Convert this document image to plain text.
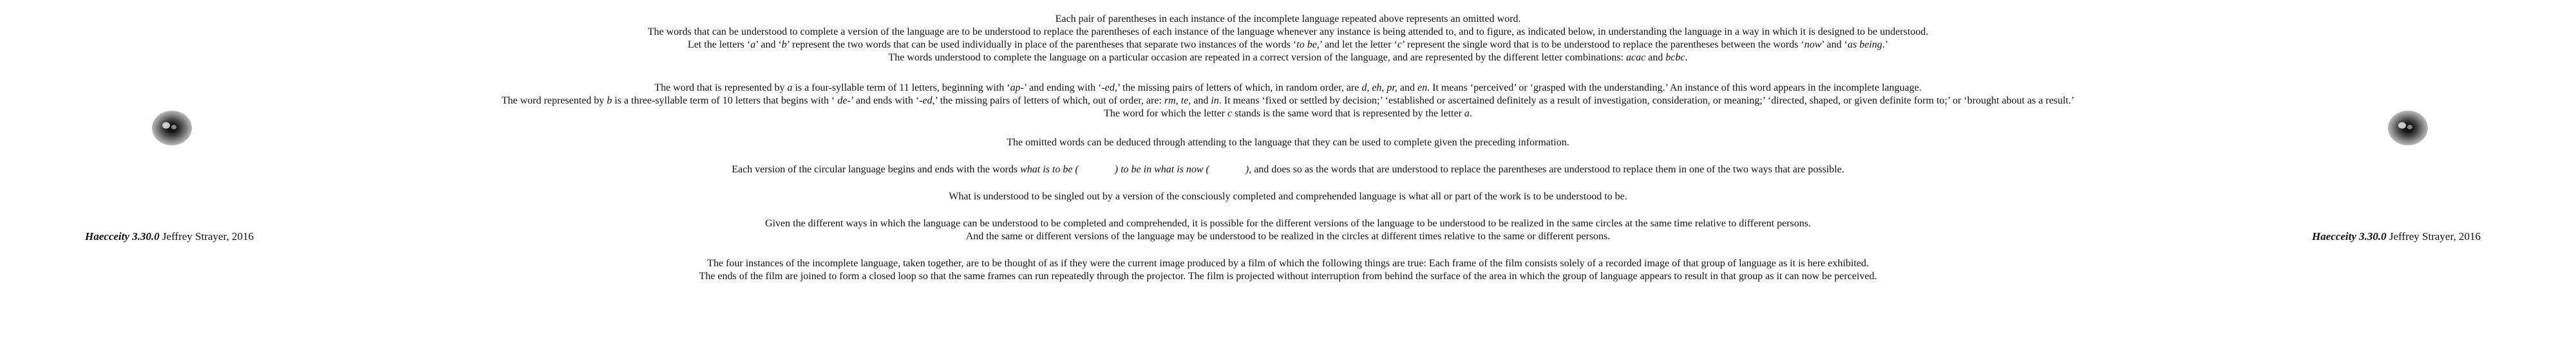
Haecceity 3.30.0 Jeffrey Strayer, 2016	Haecceity 3.30.0 Jeffrey Strayer, 2016

Each pair of parentheses in each instance of the incomplete language repeated above represents an omitted word.

The words that can be understood to complete a version of the language are to be understood to replace the parentheses of each instance of the language whenever any instance is being attended to, and to figure, as indicated below, in understanding the language in a way in which it is designed to be understood.

Let the letters ‘a’ and ‘b’ represent the two words that can be used individually in place of the parentheses that separate two instances of the words ‘to be,’ and let the letter ‘c’ represent the single word that is to be understood to replace the parentheses between the words ‘now’ and ‘as being.’

The words understood to complete the language on a particular occasion are repeated in a correct version of the language, and are represented by the different letter combinations: acac and bcbc.

The word that is represented by a is a four-syllable term of 11 letters, beginning with ‘ap-’ and ending with ‘-ed,’ the missing pairs of letters of which, in random order, are d, eh, pr, and en. It means ‘perceived’ or ‘grasped with the understanding.’ An instance of this word appears in the incomplete language.

The word represented by b is a three-syllable term of 10 letters that begins with ‘ de-’ and ends with ‘-ed,’ the missing pairs of letters of which, out of order, are: rm, te, and in. It means ‘fixed or settled by decision;’ ‘established or ascertained definitely as a result of investigation, consideration, or meaning;’ ‘directed, shaped, or given definite form to;’ or ‘brought about as a result.’

The word for which the letter c stands is the same word that is represented by the letter a.

The omitted words can be deduced through attending to the language that they can be used to complete given the preceding information.

Each version of the circular language begins and ends with the words what is to be (	) to be in what is now (	), and does so as the words that are understood to replace the parentheses are understood to replace them in one of the two ways that are possible.

What is understood to be singled out by a version of the consciously completed and comprehended language is what all or part of the work is to be understood to be.

Given the different ways in which the language can be understood to be completed and comprehended, it is possible for the different versions of the language to be understood to be realized in the same circles at the same time relative to different persons.

And the same or different versions of the language may be understood to be realized in the circles at different times relative to the same or different persons.

The four instances of the incomplete language, taken together, are to be thought of as if they were the current image produced by a film of which the following things are true: Each frame of the film consists solely of a recorded image of that group of language as it is here exhibited.

The ends of the film are joined to form a closed loop so that the same frames can run repeatedly through the projector. The film is projected without interruption from behind the surface of the area in which the group of language appears to result in that group as it can now be perceived.
